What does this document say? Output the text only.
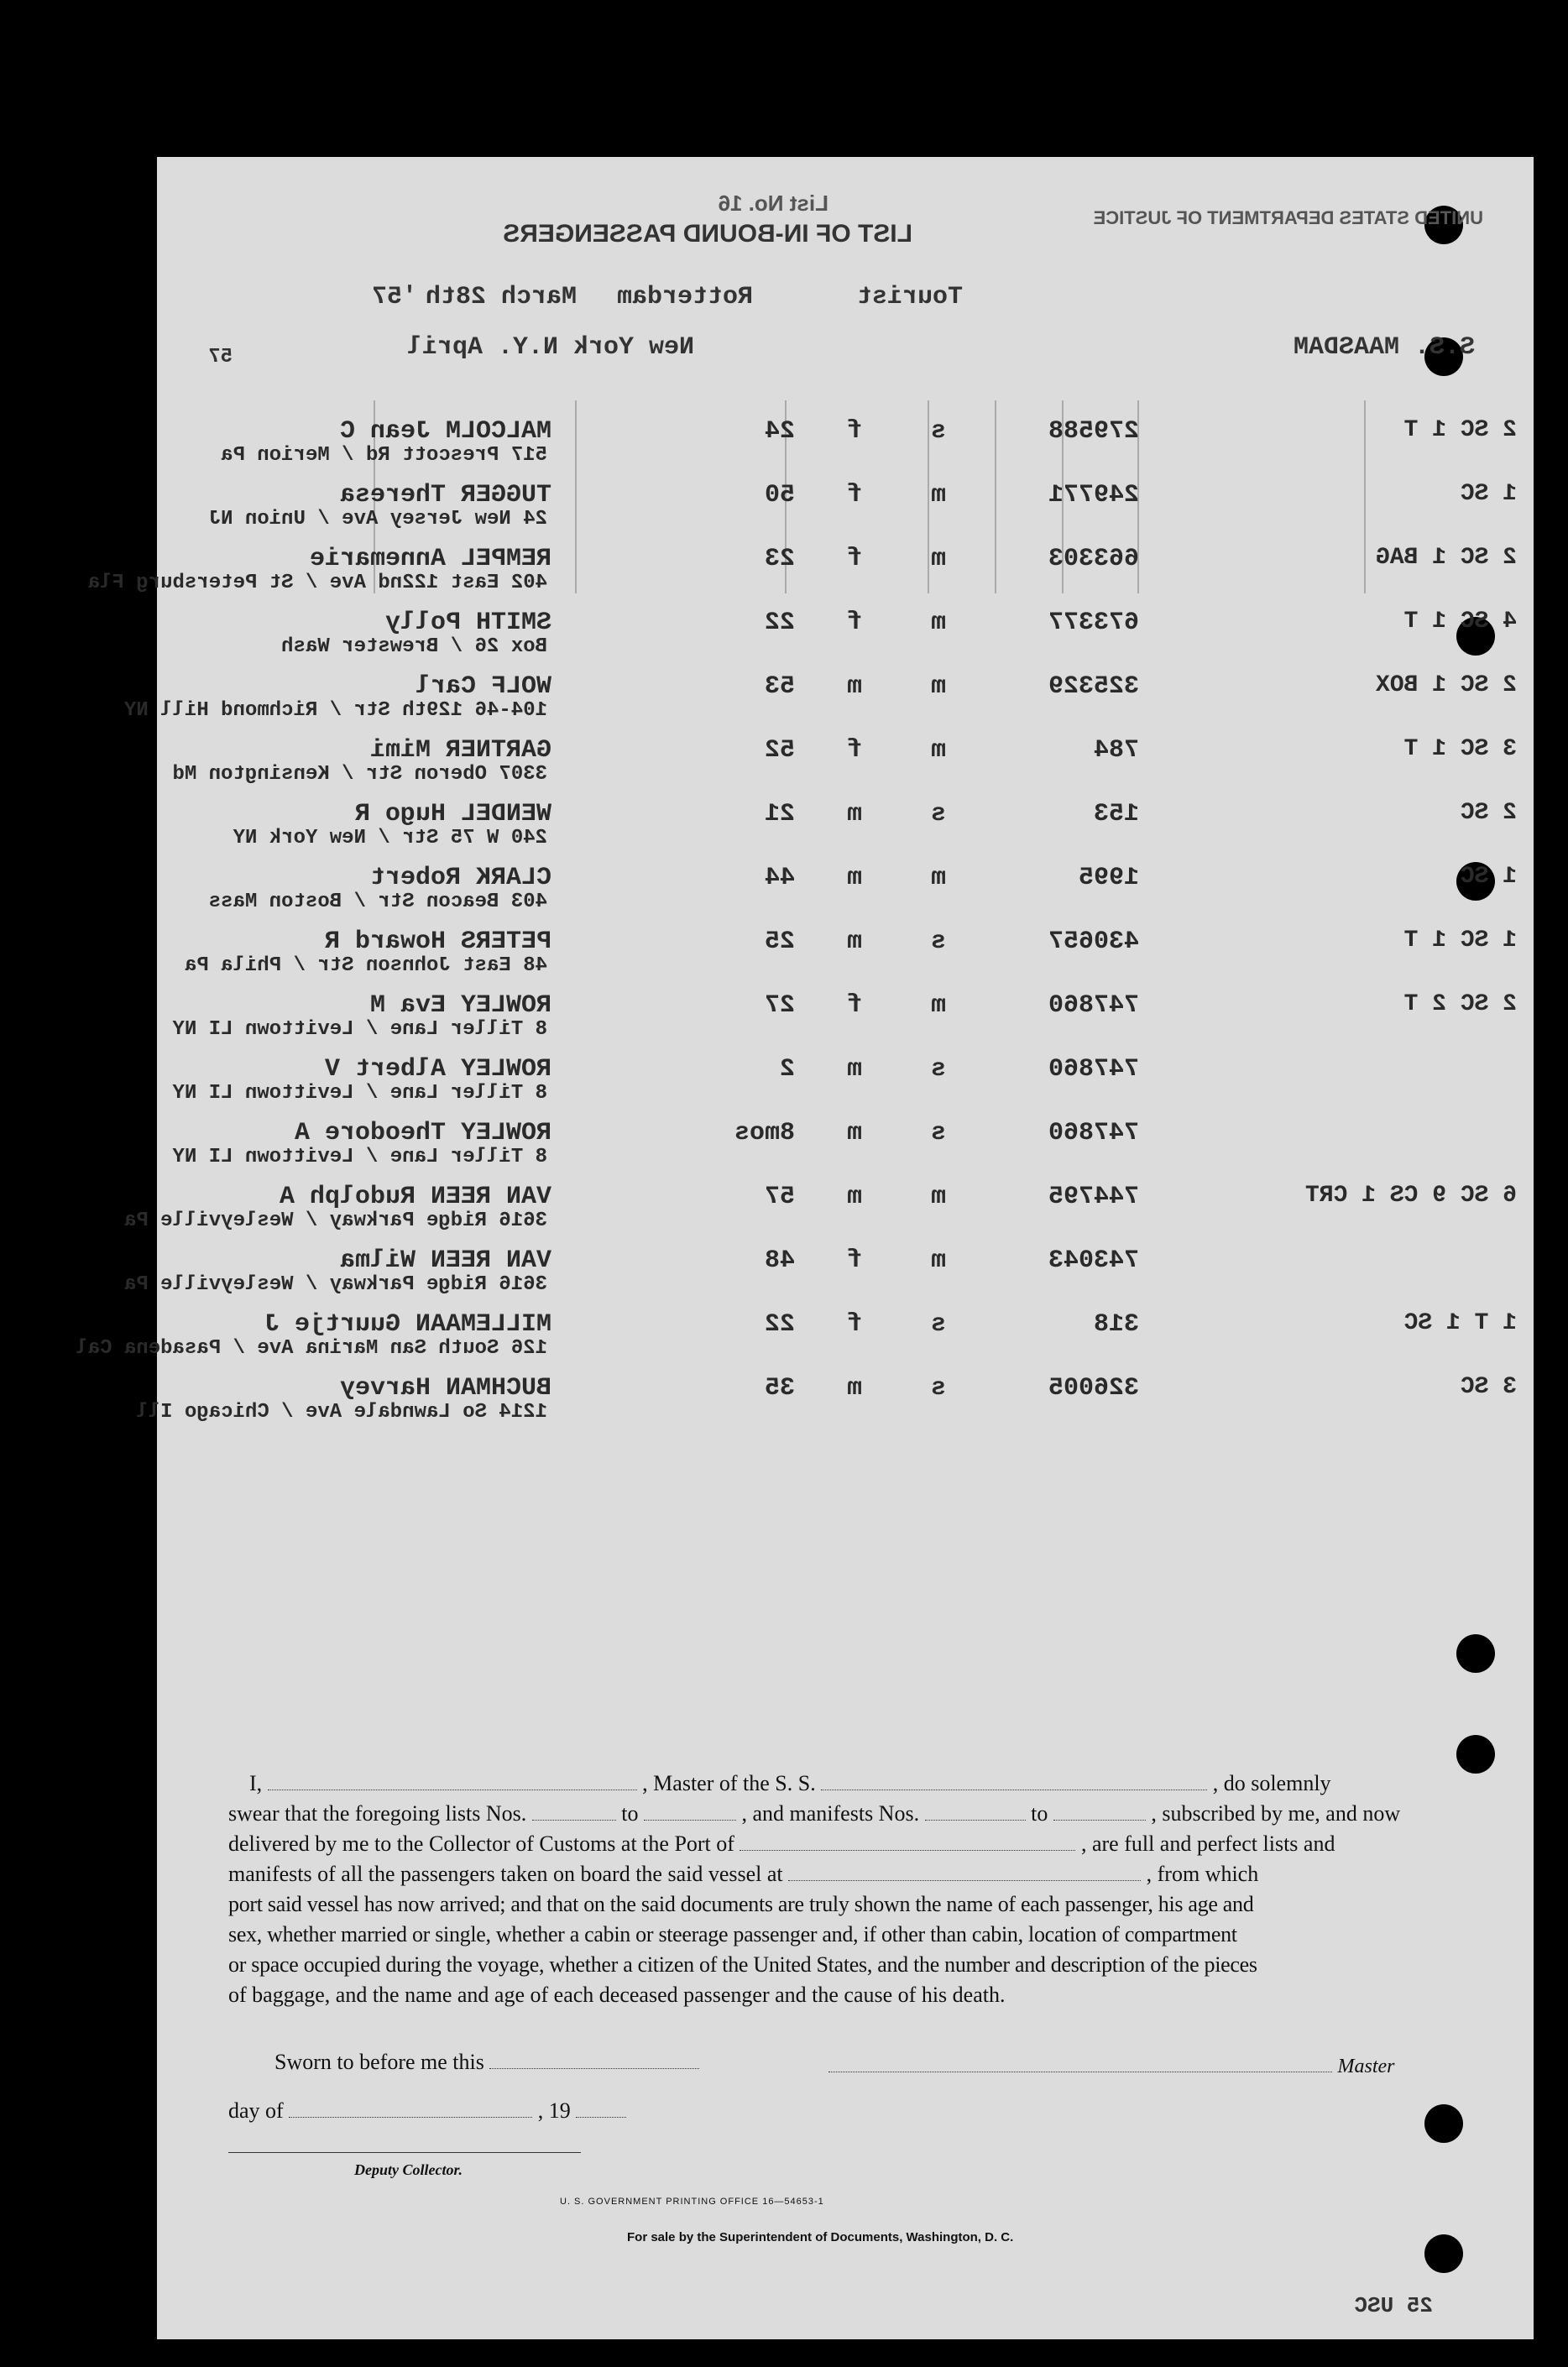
UNITED STATES DEPARTMENT OF JUSTICE
LIST OF IN-BOUND PASSENGERS
List No. 16
Tourist
Rotterdam
March 28th
'57
S.S. MAASDAM
New York N.Y. April
57
MALCOLM Jean C
517 Prescott Rd / Merion Pa
24 f	s	279588	2 SC 1 T
TUGGER Theresa
24 New Jersey Ave / Union NJ
50 f	m	249771	1 SC
REMPEL Annemarie
402 East 122nd Ave / St Petersburg Fla
23 f	m	663303	2 SC 1 BAG
SMITH Polly
Box 26 / Brewster Wash
22 f	m	673377	4 SC 1 T
WOLF Carl
104-46 129th Str / Richmond Hill NY
53 m	m	325329	2 SC 1 BOX
GARTNER Mimi
3307 Oberon Str / Kensington Md
52 f	m	784	3 SC 1 T
WENDEL Hugo R
240 W 75 Str / New York NY
21 m	s	153	2 SC
CLARK Robert
403 Beacon Str / Boston Mass
44 m	m	1995	1 SC
PETERS Howard R
48 East Johnson Str / Phila Pa
25 m	s	430657	1 SC 1 T
ROWLEY Eva M
8 Tiller Lane / Levittown LI NY
27 f	m	747860	2 SC 2 T
ROWLEY Albert V
8 Tiller Lane / Levittown LI NY
2 m	s	747860
ROWLEY Theodore A
8 Tiller Lane / Levittown LI NY
8mos m	s	747860
VAN REEN Rudolph A
3616 Ridge Parkway / Wesleyville Pa
57 m	m	744795	6 SC 9 CS 1 CRT
VAN REEN Wilma
3616 Ridge Parkway / Wesleyville Pa
48 f	m	743043
MILLEMAAN Guurtje J
126 South San Marina Ave / Pasadena Cal
22 f	s	318	1 T 1 SC
BUCHMAN Harvey
1214 So Lawndale Ave / Chicago Ill
35 m	s	326005	3 SC
I,	, Master of the S. S.	, do solemnly
swear that the foregoing lists Nos.	to	, and manifests Nos.	to	, subscribed by me, and now
delivered by me to the Collector of Customs at the Port of	, are full and perfect lists and
manifests of all the passengers taken on board the said vessel at	, from which
port said vessel has now arrived; and that on the said documents are truly shown the name of each passenger, his age and
sex, whether married or single, whether a cabin or steerage passenger and, if other than cabin, location of compartment
or space occupied during the voyage, whether a citizen of the United States, and the number and description of the pieces
of baggage, and the name and age of each deceased passenger and the cause of his death.
Sworn to before me this	Master
day of	, 19
Deputy Collector.
U. S. GOVERNMENT PRINTING OFFICE 16—54653-1
For sale by the Superintendent of Documents, Washington, D. C.
25 USC
